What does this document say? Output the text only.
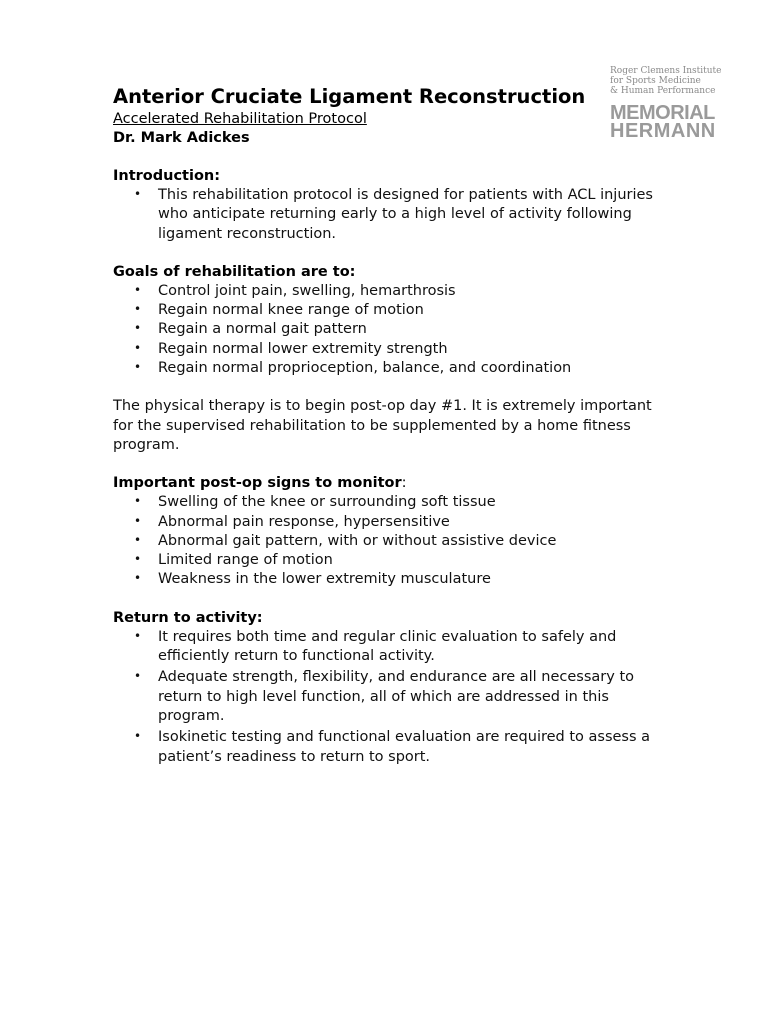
Roger Clemens Institute
for Sports Medicine
& Human Performance
MEMORIAL
HERMANN
Anterior Cruciate Ligament Reconstruction
Accelerated Rehabilitation Protocol
Dr. Mark Adickes
Introduction:
• This rehabilitation protocol is designed for patients with ACL injuries who anticipate returning early to a high level of activity following ligament reconstruction.
Goals of rehabilitation are to:
• Control joint pain, swelling, hemarthrosis
• Regain normal knee range of motion
• Regain a normal gait pattern
• Regain normal lower extremity strength
• Regain normal proprioception, balance, and coordination

The physical therapy is to begin post-op day #1. It is extremely important for the supervised rehabilitation to be supplemented by a home fitness program.

Important post-op signs to monitor:
• Swelling of the knee or surrounding soft tissue
• Abnormal pain response, hypersensitive
• Abnormal gait pattern, with or without assistive device
• Limited range of motion
• Weakness in the lower extremity musculature
Return to activity:
• It requires both time and regular clinic evaluation to safely and efficiently return to functional activity.
• Adequate strength, flexibility, and endurance are all necessary to return to high level function, all of which are addressed in this program.
• Isokinetic testing and functional evaluation are required to assess a patient’s readiness to return to sport.
